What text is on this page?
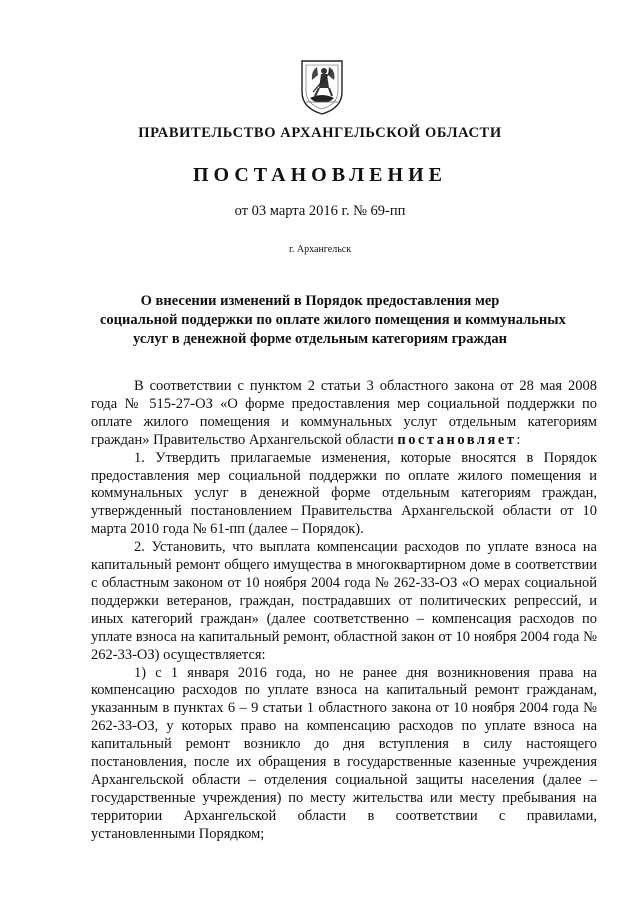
ПРАВИТЕЛЬСТВО АРХАНГЕЛЬСКОЙ ОБЛАСТИ
ПОСТАНОВЛЕНИЕ
от 03 марта 2016 г. № 69-пп
г. Архангельск
О внесении изменений в Порядок предоставления мер
социальной поддержки по оплате жилого помещения и коммунальных
услуг в денежной форме отдельным категориям граждан

В соответствии с пунктом 2 статьи 3 областного закона от 28 мая 2008 года № 515-27-ОЗ «О форме предоставления мер социальной поддержки по оплате жилого помещения и коммунальных услуг отдельным категориям граждан» Правительство Архангельской области постановляет:

1. Утвердить прилагаемые изменения, которые вносятся в Порядок предоставления мер социальной поддержки по оплате жилого помещения и коммунальных услуг в денежной форме отдельным категориям граждан, утвержденный постановлением Правительства Архангельской области от 10 марта 2010 года № 61-пп (далее – Порядок).

2. Установить, что выплата компенсации расходов по уплате взноса на капитальный ремонт общего имущества в многоквартирном доме в соответствии с областным законом от 10 ноября 2004 года № 262-33-ОЗ «О мерах социальной поддержки ветеранов, граждан, пострадавших от политических репрессий, и иных категорий граждан» (далее соответственно – компенсация расходов по уплате взноса на капитальный ремонт, областной закон от 10 ноября 2004 года № 262-33-ОЗ) осуществляется:

1) с 1 января 2016 года, но не ранее дня возникновения права на компенсацию расходов по уплате взноса на капитальный ремонт гражданам, указанным в пунктах 6 – 9 статьи 1 областного закона от 10 ноября 2004 года № 262-33-ОЗ, у которых право на компенсацию расходов по уплате взноса на капитальный ремонт возникло до дня вступления в силу настоящего постановления, после их обращения в государственные казенные учреждения Архангельской области – отделения социальной защиты населения (далее – государственные учреждения) по месту жительства или месту пребывания на территории Архангельской области в соответствии с правилами, установленными Порядком;
